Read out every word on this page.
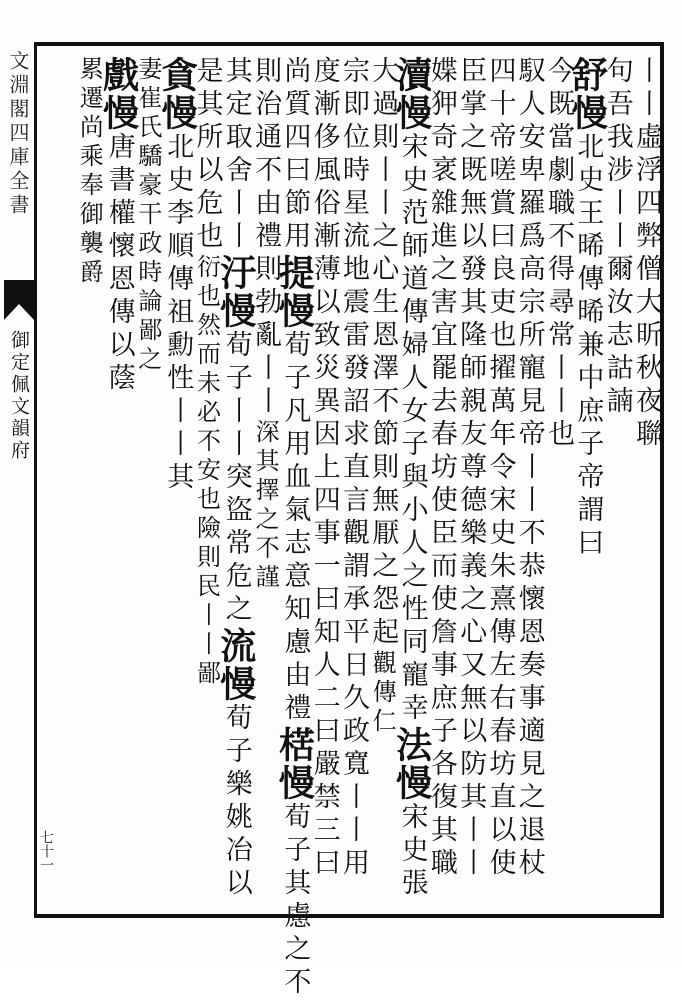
文淵閣四庫全書
御定佩文韻府
七十一
丨丨虛浮四弊僧大昕秋夜聯
句吾我涉丨丨爾汝志詁諵
舒慢北史王晞傳晞兼中庶子帝謂曰
今既當劇職不得尋常丨丨也
馭人安卑羅爲高宗所寵見帝丨丨不恭懷恩奏事適見之退杖
四十帝嗟賞曰良吏也擢萬年令宋史朱熹傳左右春坊直以使
臣掌之既無以發其隆師親友尊德樂義之心又無以防其丨丨
媟狎奇衺雜進之害宜罷去春坊使臣而使詹事庶子各復其職
瀆慢宋史范師道傳婦人女子與小人之性同寵幸法慢宋史張
大過則丨丨之心生恩澤不節則無厭之怨起觀傳仁
宗即位時星流地震雷發詔求直言觀謂承平日久政寬丨丨用
度漸侈風俗漸薄以致災異因上四事一曰知人二曰嚴禁三曰
尚質四曰節用提慢荀子凡用血氣志意知慮由禮楛慢荀子其慮之不
則治通不由禮則勃亂丨丨深其擇之不謹
其定取舍丨丨汙慢荀子丨丨突盜常危之流慢荀子樂姚冶以
是其所以危也衍也然而未必不安也險則民丨丨鄙
貪慢北史李順傳祖勳性丨丨其
妻崔氏驕豪干政時論鄙之
戲慢唐書權懷恩傳以蔭
累遷尚乘奉御襲爵
